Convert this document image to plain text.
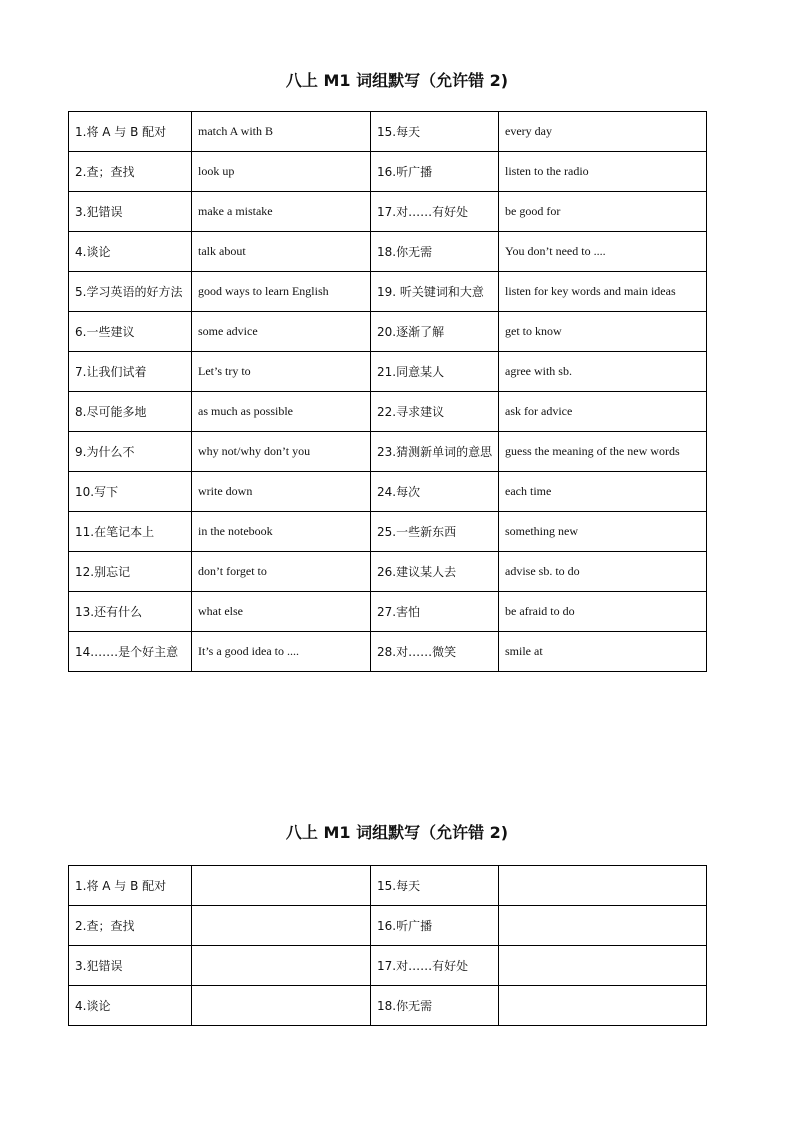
八上 M1 词组默写（允许错 2)
1.将 A 与 B 配对	match A with B	15.每天	every day
2.查；查找	look up	16.听广播	listen to the radio
3.犯错误	make a mistake	17.对……有好处	be good for
4.谈论	talk about	18.你无需	You don’t need to ....
5.学习英语的好方法	good ways to learn English	19. 听关键词和大意	listen for key words and main ideas
6.一些建议	some advice	20.逐渐了解	get to know
7.让我们试着	Let’s try to	21.同意某人	agree with sb.
8.尽可能多地	as much as possible	22.寻求建议	ask for advice
9.为什么不	why not/why don’t you	23.猜测新单词的意思	guess the meaning of the new words
10.写下	write down	24.每次	each time
11.在笔记本上	in the notebook	25.一些新东西	something new
12.别忘记	don’t forget to	26.建议某人去	advise sb. to do
13.还有什么	what else	27.害怕	be afraid to do
14.……是个好主意	It’s a good idea to ....	28.对……微笑	smile at
八上 M1 词组默写（允许错 2)
1.将 A 与 B 配对		15.每天	
2.查；查找		16.听广播	
3.犯错误		17.对……有好处	
4.谈论		18.你无需	
